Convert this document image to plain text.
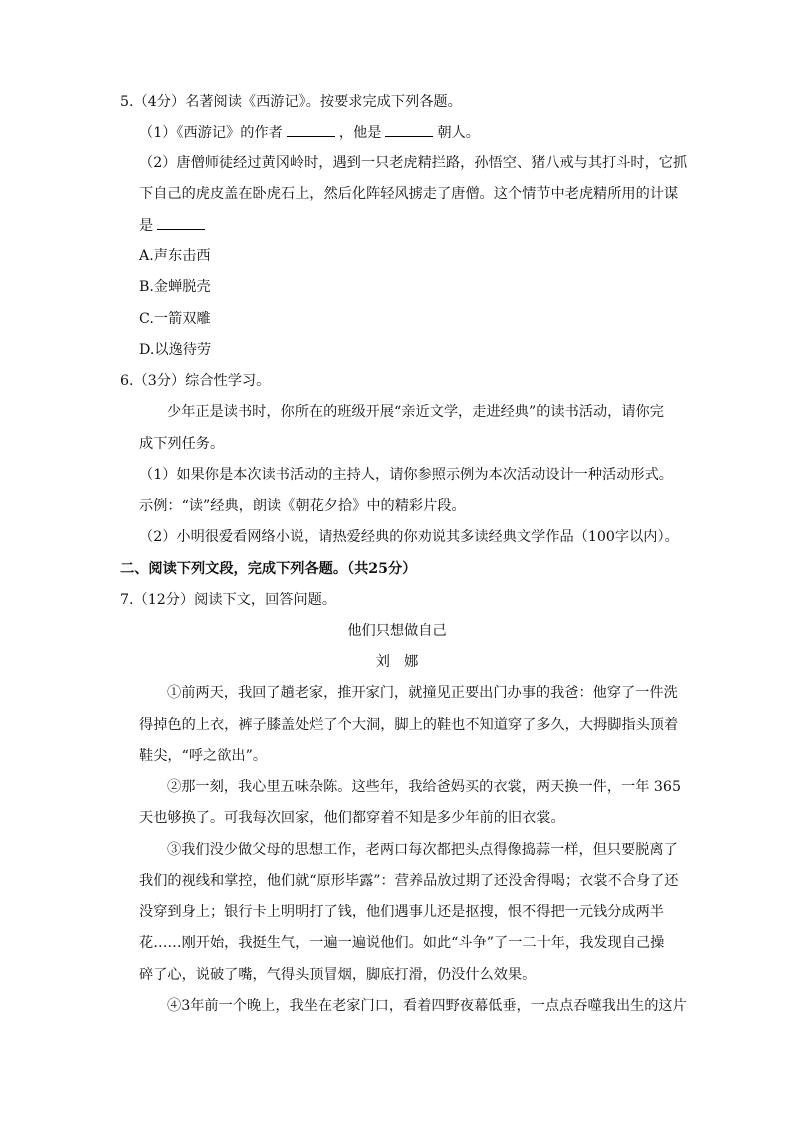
5.（4分）名著阅读《西游记》。按要求完成下列各题。
（1）《西游记》的作者	，他是	朝人。
（2）唐僧师徒经过黄冈岭时，遇到一只老虎精拦路，孙悟空、猪八戒与其打斗时，它抓
下自己的虎皮盖在卧虎石上，然后化阵轻风掳走了唐僧。这个情节中老虎精所用的计谋
是
A.声东击西
B.金蝉脱壳
C.一箭双雕
D.以逸待劳
6.（3分）综合性学习。
少年正是读书时，你所在的班级开展“亲近文学，走进经典”的读书活动，请你完
成下列任务。
（1）如果你是本次读书活动的主持人，请你参照示例为本次活动设计一种活动形式。
示例：“读”经典，朗读《朝花夕拾》中的精彩片段。
（2）小明很爱看网络小说，请热爱经典的你劝说其多读经典文学作品（100字以内）。
二、阅读下列文段，完成下列各题。（共25分）
7.（12分）阅读下文，回答问题。
他们只想做自己
刘　娜
①前两天，我回了趟老家，推开家门，就撞见正要出门办事的我爸：他穿了一件洗
得掉色的上衣，裤子膝盖处烂了个大洞，脚上的鞋也不知道穿了多久，大拇脚指头顶着
鞋尖，“呼之欲出”。
②那一刻，我心里五味杂陈。这些年，我给爸妈买的衣裳，两天换一件，一年 365
天也够换了。可我每次回家，他们都穿着不知是多少年前的旧衣裳。
③我们没少做父母的思想工作，老两口每次都把头点得像捣蒜一样，但只要脱离了
我们的视线和掌控，他们就“原形毕露”：营养品放过期了还没舍得喝；衣裳不合身了还
没穿到身上；银行卡上明明打了钱，他们遇事儿还是抠搜，恨不得把一元钱分成两半
花……刚开始，我挺生气，一遍一遍说他们。如此“斗争”了一二十年，我发现自己操
碎了心，说破了嘴，气得头顶冒烟，脚底打滑，仍没什么效果。
④3年前一个晚上，我坐在老家门口，看着四野夜幕低垂，一点点吞噬我出生的这片
